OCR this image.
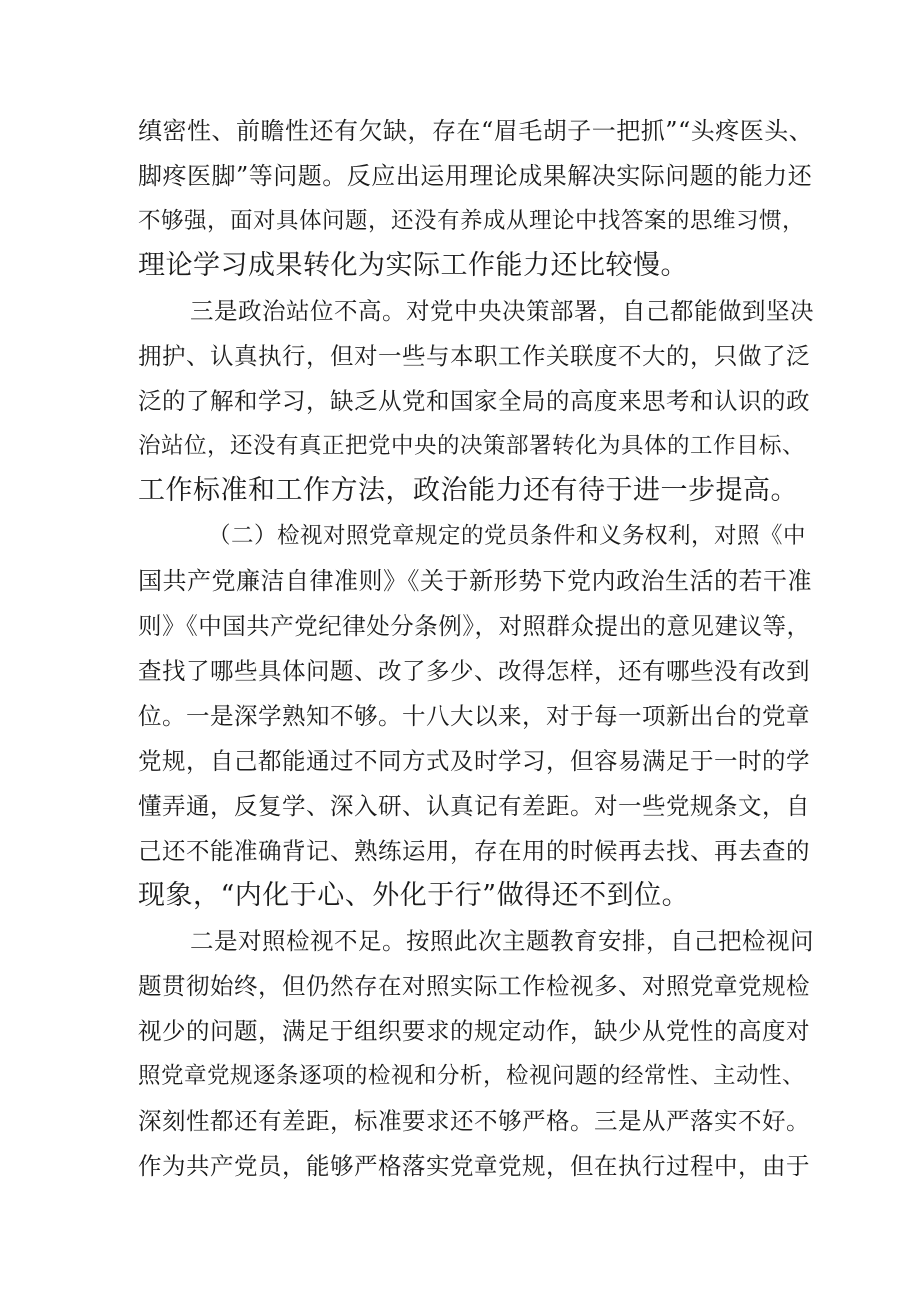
缜密性、前瞻性还有欠缺，存在“眉毛胡子一把抓”“头疼医头、
脚疼医脚”等问题。反应出运用理论成果解决实际问题的能力还
不够强，面对具体问题，还没有养成从理论中找答案的思维习惯，
理论学习成果转化为实际工作能力还比较慢。
三是政治站位不高。对党中央决策部署，自己都能做到坚决
拥护、认真执行，但对一些与本职工作关联度不大的，只做了泛
泛的了解和学习，缺乏从党和国家全局的高度来思考和认识的政
治站位，还没有真正把党中央的决策部署转化为具体的工作目标、
工作标准和工作方法，政治能力还有待于进一步提高。
（二）检视对照党章规定的党员条件和义务权利，对照《中
国共产党廉洁自律准则》《关于新形势下党内政治生活的若干准
则》《中国共产党纪律处分条例》，对照群众提出的意见建议等，
查找了哪些具体问题、改了多少、改得怎样，还有哪些没有改到
位。一是深学熟知不够。十八大以来，对于每一项新出台的党章
党规，自己都能通过不同方式及时学习，但容易满足于一时的学
懂弄通，反复学、深入研、认真记有差距。对一些党规条文，自
己还不能准确背记、熟练运用，存在用的时候再去找、再去查的
现象，“内化于心、外化于行”做得还不到位。
二是对照检视不足。按照此次主题教育安排，自己把检视问
题贯彻始终，但仍然存在对照实际工作检视多、对照党章党规检
视少的问题，满足于组织要求的规定动作，缺少从党性的高度对
照党章党规逐条逐项的检视和分析，检视问题的经常性、主动性、
深刻性都还有差距，标准要求还不够严格。三是从严落实不好。
作为共产党员，能够严格落实党章党规，但在执行过程中，由于
